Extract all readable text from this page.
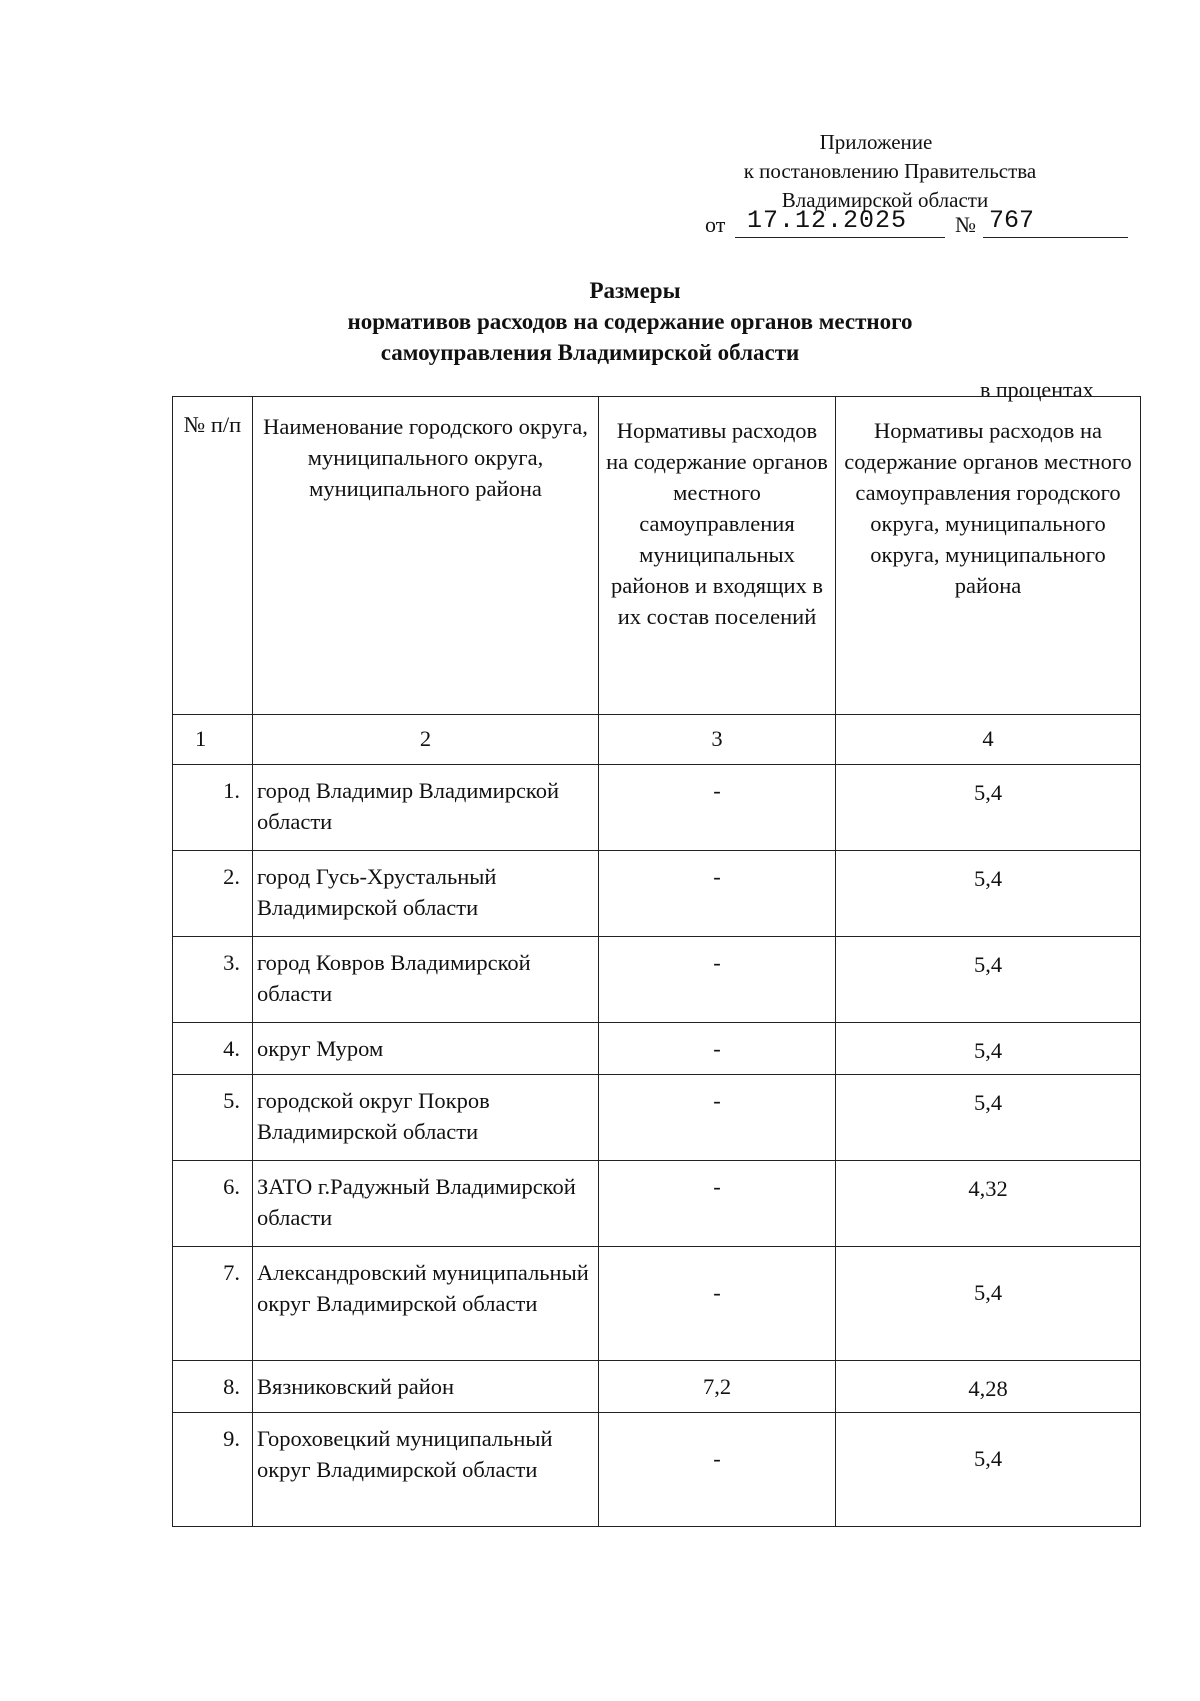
Приложение
к постановлению Правительства
Владимирской области
от 17.12.2025	№ 767
Размеры
нормативов расходов на содержание органов местного
самоуправления Владимирской области
в процентах
№ п/п	Наименование городского округа, муниципального округа, муниципального района	Нормативы расходов на содержание органов местного самоуправления муниципальных районов и входящих в их состав поселений	Нормативы расходов на содержание органов местного самоуправления городского округа, муниципального округа, муниципального района
1	2	3	4
1.	город Владимир Владимирской области	-	5,4
2.	город Гусь-Хрустальный Владимирской области	-	5,4
3.	город Ковров Владимирской области	-	5,4
4.	округ Муром	-	5,4
5.	городской округ Покров Владимирской области	-	5,4
6.	ЗАТО г.Радужный Владимирской области	-	4,32
7.	Александровский муниципальный округ Владимирской области	-	5,4
8.	Вязниковский район	7,2	4,28
9.	Гороховецкий муниципальный округ Владимирской области	-	5,4
